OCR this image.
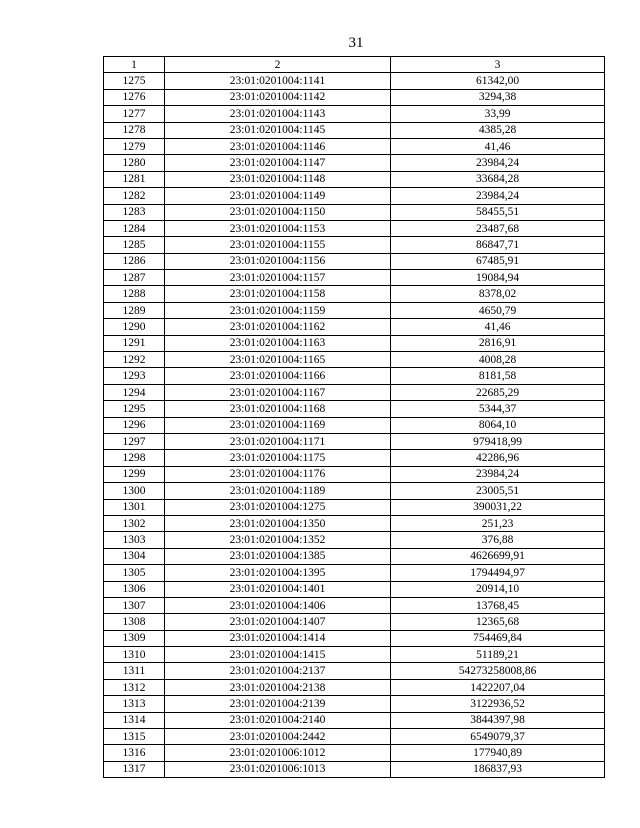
31
1	2	3
1275	23:01:0201004:1141	61342,00
1276	23:01:0201004:1142	3294,38
1277	23:01:0201004:1143	33,99
1278	23:01:0201004:1145	4385,28
1279	23:01:0201004:1146	41,46
1280	23:01:0201004:1147	23984,24
1281	23:01:0201004:1148	33684,28
1282	23:01:0201004:1149	23984,24
1283	23:01:0201004:1150	58455,51
1284	23:01:0201004:1153	23487,68
1285	23:01:0201004:1155	86847,71
1286	23:01:0201004:1156	67485,91
1287	23:01:0201004:1157	19084,94
1288	23:01:0201004:1158	8378,02
1289	23:01:0201004:1159	4650,79
1290	23:01:0201004:1162	41,46
1291	23:01:0201004:1163	2816,91
1292	23:01:0201004:1165	4008,28
1293	23:01:0201004:1166	8181,58
1294	23:01:0201004:1167	22685,29
1295	23:01:0201004:1168	5344,37
1296	23:01:0201004:1169	8064,10
1297	23:01:0201004:1171	979418,99
1298	23:01:0201004:1175	42286,96
1299	23:01:0201004:1176	23984,24
1300	23:01:0201004:1189	23005,51
1301	23:01:0201004:1275	390031,22
1302	23:01:0201004:1350	251,23
1303	23:01:0201004:1352	376,88
1304	23:01:0201004:1385	4626699,91
1305	23:01:0201004:1395	1794494,97
1306	23:01:0201004:1401	20914,10
1307	23:01:0201004:1406	13768,45
1308	23:01:0201004:1407	12365,68
1309	23:01:0201004:1414	754469,84
1310	23:01:0201004:1415	51189,21
1311	23:01:0201004:2137	54273258008,86
1312	23:01:0201004:2138	1422207,04
1313	23:01:0201004:2139	3122936,52
1314	23:01:0201004:2140	3844397,98
1315	23:01:0201004:2442	6549079,37
1316	23:01:0201006:1012	177940,89
1317	23:01:0201006:1013	186837,93
